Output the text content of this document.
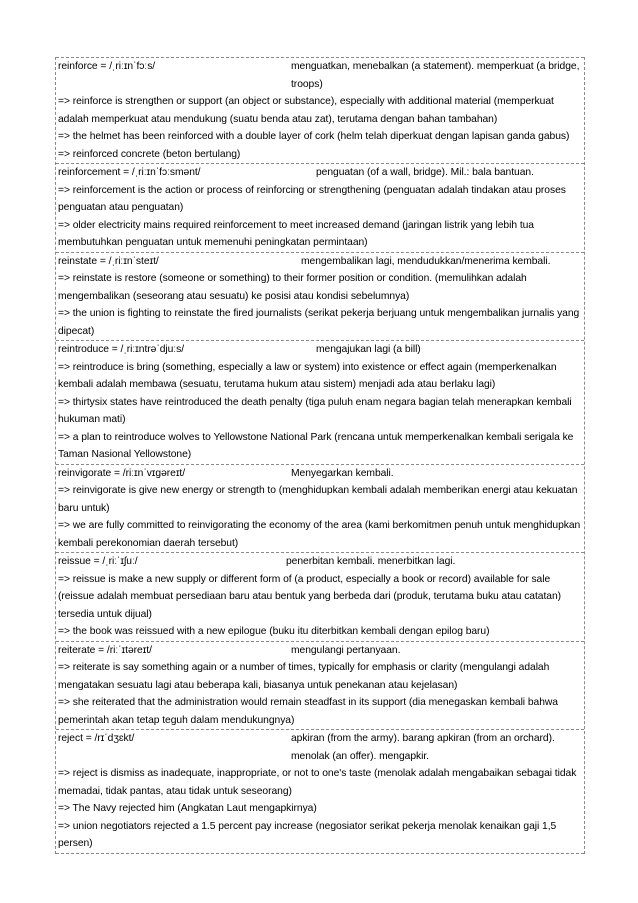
reinforce = /ˌriːɪnˈfɔːs/	menguatkan, menebalkan (a statement). memperkuat (a bridge, troops)
=> reinforce is strengthen or support (an object or substance), especially with additional material (memperkuat adalah memperkuat atau mendukung (suatu benda atau zat), terutama dengan bahan tambahan)
=> the helmet has been reinforced with a double layer of cork (helm telah diperkuat dengan lapisan ganda gabus)
=> reinforced concrete (beton bertulang)
reinforcement = /ˌriːɪnˈfɔːsmənt/	penguatan (of a wall, bridge). Mil.: bala bantuan.
=> reinforcement is the action or process of reinforcing or strengthening (penguatan adalah tindakan atau proses penguatan atau penguatan)
=> older electricity mains required reinforcement to meet increased demand (jaringan listrik yang lebih tua membutuhkan penguatan untuk memenuhi peningkatan permintaan)
reinstate = /ˌriːɪnˈsteɪt/	mengembalikan lagi, mendudukkan/menerima kembali.
=> reinstate is restore (someone or something) to their former position or condition. (memulihkan adalah mengembalikan (seseorang atau sesuatu) ke posisi atau kondisi sebelumnya)
=> the union is fighting to reinstate the fired journalists (serikat pekerja berjuang untuk mengembalikan jurnalis yang dipecat)
reintroduce = /ˌriːɪntrəˈdjuːs/	mengajukan lagi (a bill)
=> reintroduce is bring (something, especially a law or system) into existence or effect again (memperkenalkan kembali adalah membawa (sesuatu, terutama hukum atau sistem) menjadi ada atau berlaku lagi)
=> thirtysix states have reintroduced the death penalty (tiga puluh enam negara bagian telah menerapkan kembali hukuman mati)
=> a plan to reintroduce wolves to Yellowstone National Park (rencana untuk memperkenalkan kembali serigala ke Taman Nasional Yellowstone)
reinvigorate = /riːɪnˈvɪɡəreɪt/	Menyegarkan kembali.
=> reinvigorate is give new energy or strength to (menghidupkan kembali adalah memberikan energi atau kekuatan baru untuk)
=> we are fully committed to reinvigorating the economy of the area (kami berkomitmen penuh untuk menghidupkan kembali perekonomian daerah tersebut)
reissue = /ˌriːˈɪʃuː/	penerbitan kembali. menerbitkan lagi.
=> reissue is make a new supply or different form of (a product, especially a book or record) available for sale (reissue adalah membuat persediaan baru atau bentuk yang berbeda dari (produk, terutama buku atau catatan) tersedia untuk dijual)
=> the book was reissued with a new epilogue (buku itu diterbitkan kembali dengan epilog baru)
reiterate = /riːˈɪtəreɪt/	mengulangi pertanyaan.
=> reiterate is say something again or a number of times, typically for emphasis or clarity (mengulangi adalah mengatakan sesuatu lagi atau beberapa kali, biasanya untuk penekanan atau kejelasan)
=> she reiterated that the administration would remain steadfast in its support (dia menegaskan kembali bahwa pemerintah akan tetap teguh dalam mendukungnya)
reject = /rɪˈdʒɛkt/	apkiran (from the army). barang apkiran (from an orchard). menolak (an offer). mengapkir.
=> reject is dismiss as inadequate, inappropriate, or not to one's taste (menolak adalah mengabaikan sebagai tidak memadai, tidak pantas, atau tidak untuk seseorang)
=> The Navy rejected him (Angkatan Laut mengapkirnya)
=> union negotiators rejected a 1.5 percent pay increase (negosiator serikat pekerja menolak kenaikan gaji 1,5 persen)
